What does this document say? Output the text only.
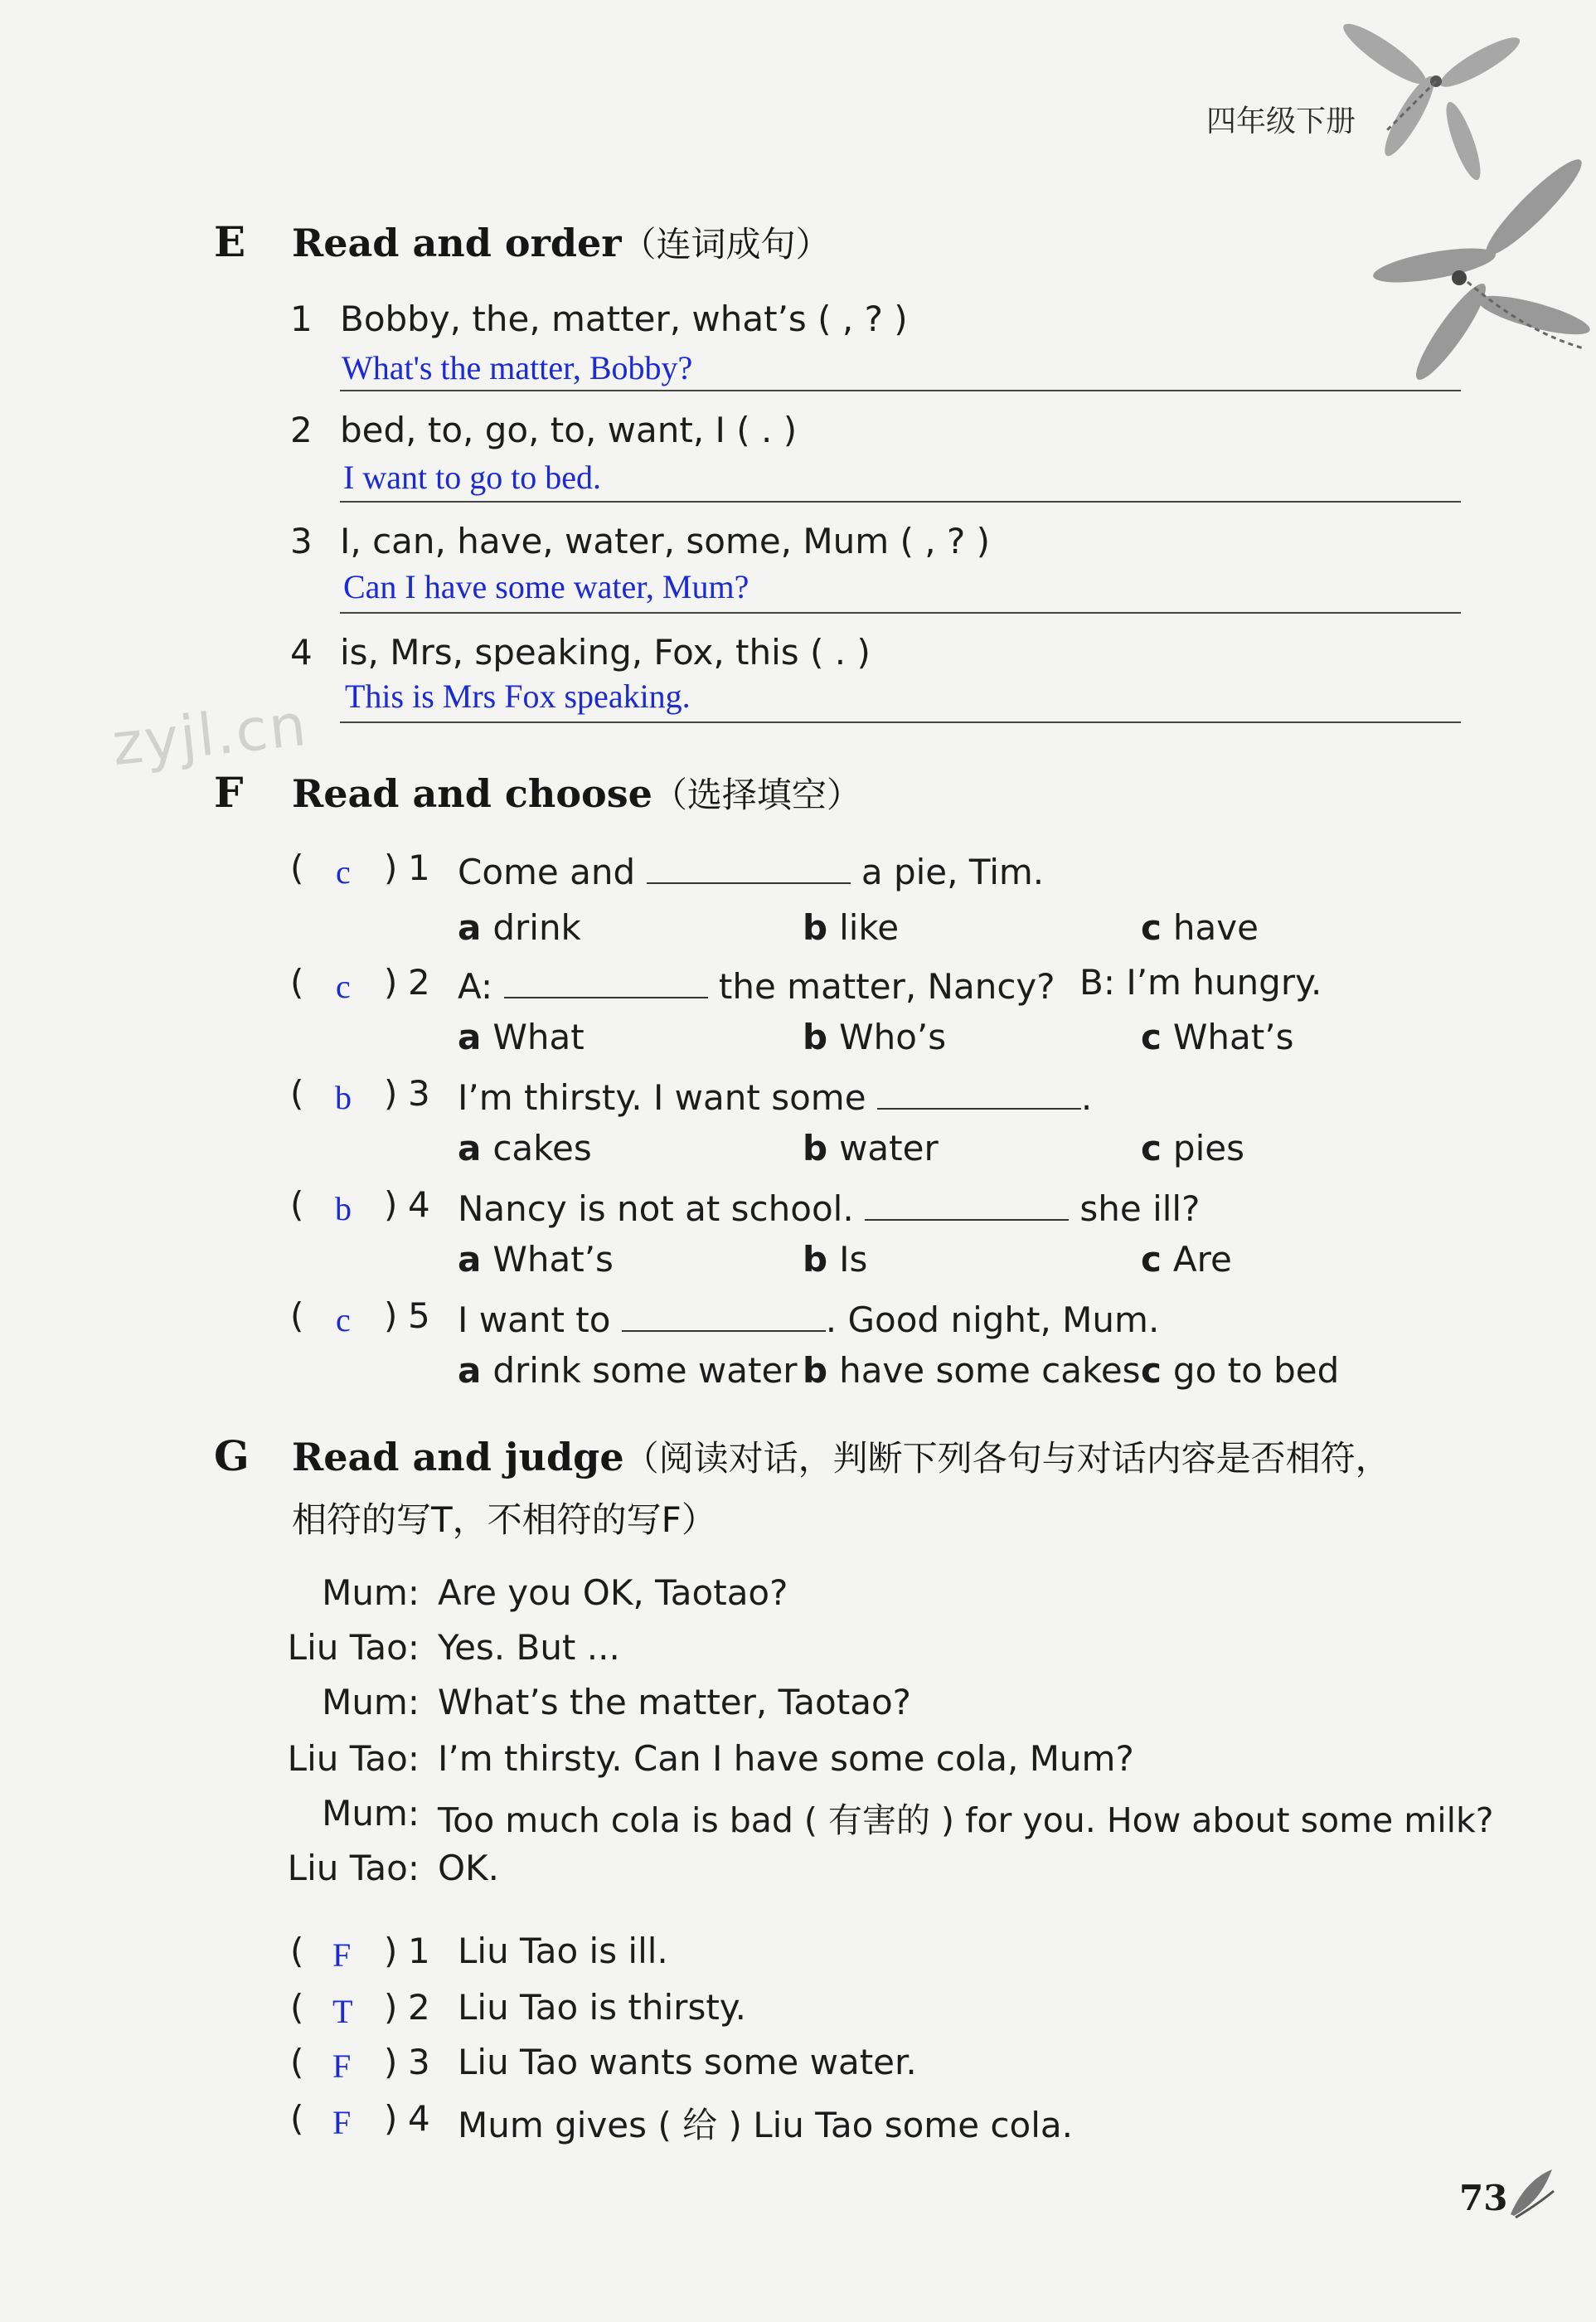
四年级下册
zyjl.cn
E Read and order（连词成句）
1 Bobby, the, matter, what’s ( , ? )
What's the matter, Bobby?
2 bed, to, go, to, want, I ( . )
I want to go to bed.
3 I, can, have, water, some, Mum ( , ? )
Can I have some water, Mum?
4 is, Mrs, speaking, Fox, this ( . )
This is Mrs Fox speaking.
F Read and choose（选择填空）
( c ) 1 Come and	a pie, Tim.
a drink	b like	c have
( c ) 2 A:	the matter, Nancy? B: I’m hungry.
a What	b Who’s	c What’s
( b ) 3 I’m thirsty. I want some	.
a cakes	b water	c pies
( b ) 4 Nancy is not at school.	she ill?
a What’s	b Is	c Are
( c ) 5 I want to	. Good night, Mum.
a drink some water b have some cakes c go to bed
G Read and judge（阅读对话，判断下列各句与对话内容是否相符，
相符的写T，不相符的写F）
Mum: Are you OK, Taotao?
Liu Tao: Yes. But ...
Mum: What’s the matter, Taotao?
Liu Tao: I’m thirsty. Can I have some cola, Mum?
Mum: Too much cola is bad ( 有害的 ) for you. How about some milk?
Liu Tao: OK.
( F ) 1 Liu Tao is ill.
( T ) 2 Liu Tao is thirsty.
( F ) 3 Liu Tao wants some water.
( F ) 4 Mum gives ( 给 ) Liu Tao some cola.
73
